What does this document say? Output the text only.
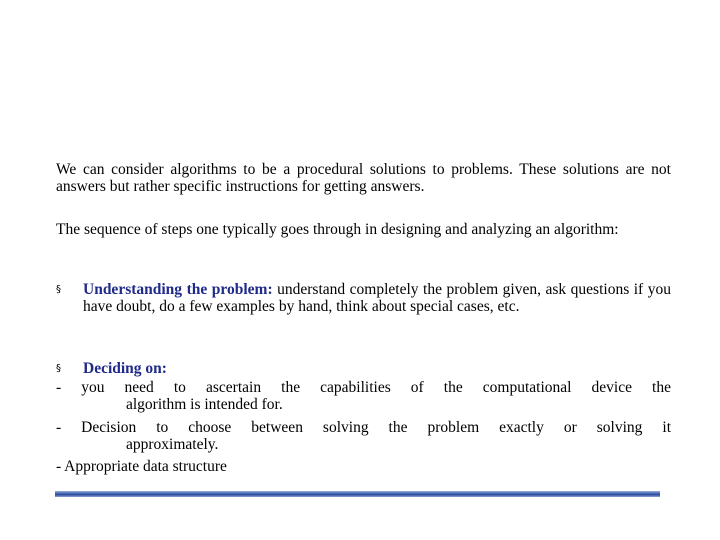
We can consider algorithms to be a procedural solutions to problems. These solutions are not answers but rather specific instructions for getting answers.
The sequence of steps one typically goes through in designing and analyzing an algorithm:
§ Understanding the problem: understand completely the problem given, ask questions if you have doubt, do a few examples by hand, think about special cases, etc.
§ Deciding on:
- you need to ascertain the capabilities of the computational device the
algorithm is intended for.
- Decision to choose between solving the problem exactly or solving it
approximately.
- Appropriate data structure
